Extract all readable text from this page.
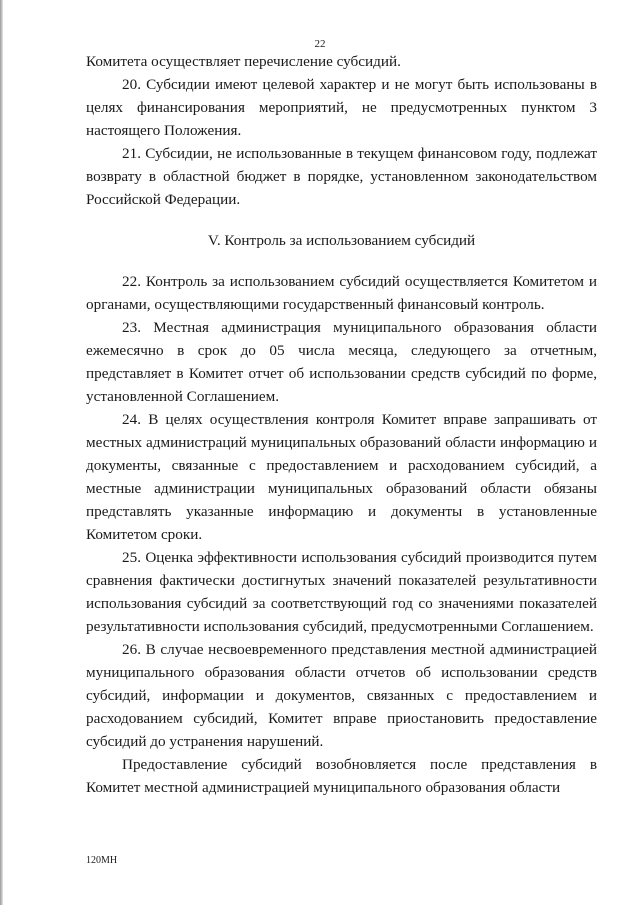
22

Комитета осуществляет перечисление субсидий.

20. Субсидии имеют целевой характер и не могут быть использованы в целях финансирования мероприятий, не предусмотренных пунктом 3 настоящего Положения.

21. Субсидии, не использованные в текущем финансовом году, подлежат возврату в областной бюджет в порядке, установленном законодательством Российской Федерации.

V. Контроль за использованием субсидий

22. Контроль за использованием субсидий осуществляется Комитетом и органами, осуществляющими государственный финансовый контроль.

23. Местная администрация муниципального образования области ежемесячно в срок до 05 числа месяца, следующего за отчетным, представляет в Комитет отчет об использовании средств субсидий по форме, установленной Соглашением.

24. В целях осуществления контроля Комитет вправе запрашивать от местных администраций муниципальных образований области информацию и документы, связанные с предоставлением и расходованием субсидий, а местные администрации муниципальных образований области обязаны представлять указанные информацию и документы в установленные Комитетом сроки.

25. Оценка эффективности использования субсидий производится путем сравнения фактически достигнутых значений показателей результативности использования субсидий за соответствующий год со значениями показателей результативности использования субсидий, предусмотренными Соглашением.

26. В случае несвоевременного представления местной администрацией муниципального образования области отчетов об использовании средств субсидий, информации и документов, связанных с предоставлением и расходованием субсидий, Комитет вправе приостановить предоставление субсидий до устранения нарушений.

Предоставление субсидий возобновляется после представления в Комитет местной администрацией муниципального образования области

120МН
